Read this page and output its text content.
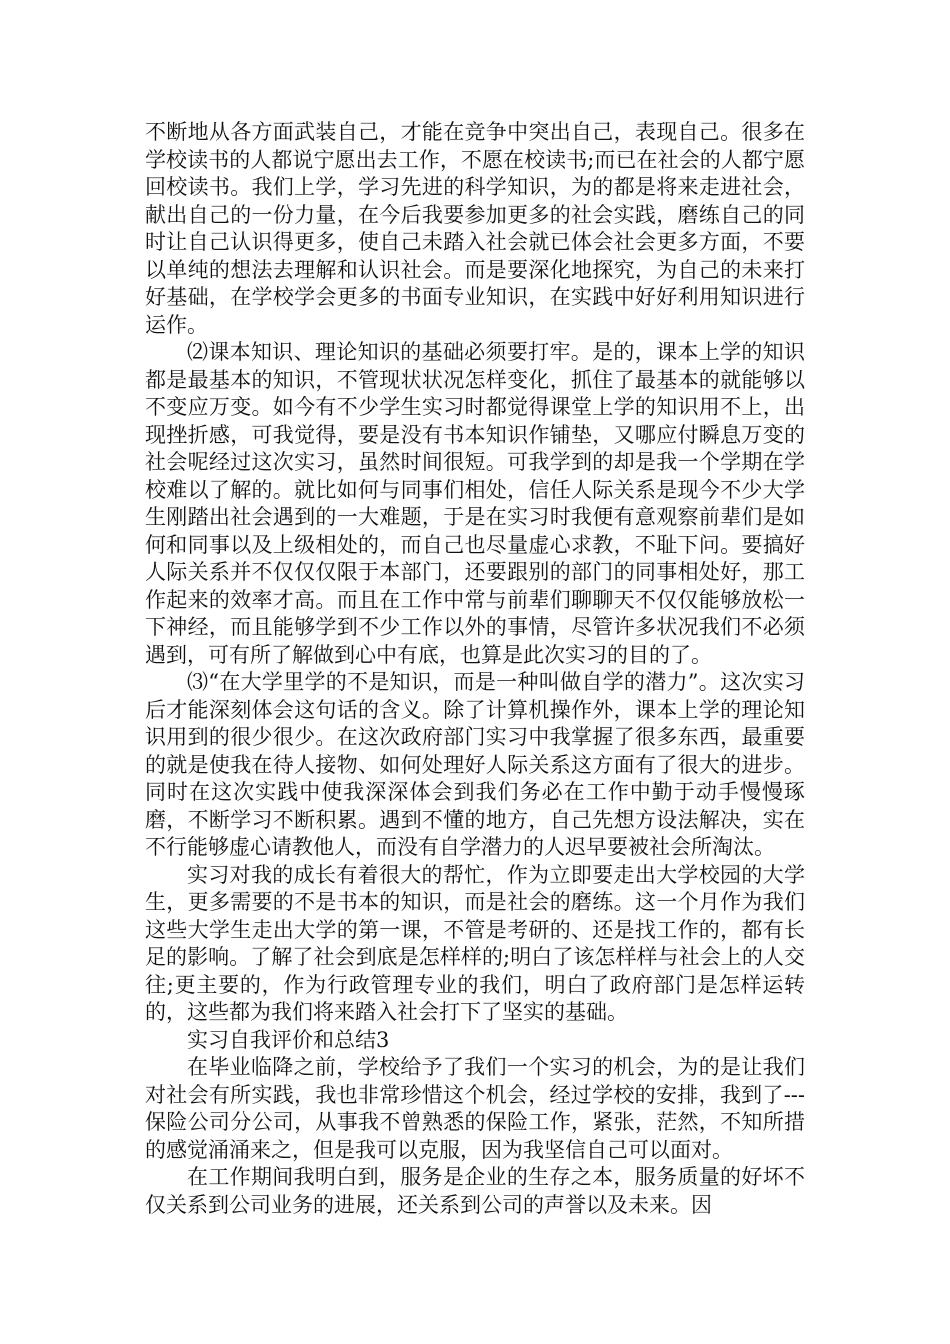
不断地从各方面武装自己，才能在竞争中突出自己，表现自己。很多在学校读书的人都说宁愿出去工作，不愿在校读书;而已在社会的人都宁愿回校读书。我们上学，学习先进的科学知识，为的都是将来走进社会，献出自己的一份力量，在今后我要参加更多的社会实践，磨练自己的同时让自己认识得更多，使自己未踏入社会就已体会社会更多方面，不要以单纯的想法去理解和认识社会。而是要深化地探究，为自己的未来打好基础，在学校学会更多的书面专业知识，在实践中好好利用知识进行运作。

⑵课本知识、理论知识的基础必须要打牢。是的，课本上学的知识都是最基本的知识，不管现状状况怎样变化，抓住了最基本的就能够以不变应万变。如今有不少学生实习时都觉得课堂上学的知识用不上，出现挫折感，可我觉得，要是没有书本知识作铺垫，又哪应付瞬息万变的社会呢经过这次实习，虽然时间很短。可我学到的却是我一个学期在学校难以了解的。就比如何与同事们相处，信任人际关系是现今不少大学生刚踏出社会遇到的一大难题，于是在实习时我便有意观察前辈们是如何和同事以及上级相处的，而自己也尽量虚心求教，不耻下问。要搞好人际关系并不仅仅仅限于本部门，还要跟别的部门的同事相处好，那工作起来的效率才高。而且在工作中常与前辈们聊聊天不仅仅能够放松一下神经，而且能够学到不少工作以外的事情，尽管许多状况我们不必须遇到，可有所了解做到心中有底，也算是此次实习的目的了。

⑶“在大学里学的不是知识，而是一种叫做自学的潜力”。这次实习后才能深刻体会这句话的含义。除了计算机操作外，课本上学的理论知识用到的很少很少。在这次政府部门实习中我掌握了很多东西，最重要的就是使我在待人接物、如何处理好人际关系这方面有了很大的进步。同时在这次实践中使我深深体会到我们务必在工作中勤于动手慢慢琢磨，不断学习不断积累。遇到不懂的地方，自己先想方设法解决，实在不行能够虚心请教他人，而没有自学潜力的人迟早要被社会所淘汰。

实习对我的成长有着很大的帮忙，作为立即要走出大学校园的大学生，更多需要的不是书本的知识，而是社会的磨练。这一个月作为我们这些大学生走出大学的第一课，不管是考研的、还是找工作的，都有长足的影响。了解了社会到底是怎样样的;明白了该怎样样与社会上的人交往;更主要的，作为行政管理专业的我们，明白了政府部门是怎样运转的，这些都为我们将来踏入社会打下了坚实的基础。

实习自我评价和总结3

在毕业临降之前，学校给予了我们一个实习的机会，为的是让我们对社会有所实践，我也非常珍惜这个机会，经过学校的安排，我到了---保险公司分公司，从事我不曾熟悉的保险工作，紧张，茫然，不知所措的感觉涌涌来之，但是我可以克服，因为我坚信自己可以面对。

在工作期间我明白到，服务是企业的生存之本，服务质量的好坏不仅关系到公司业务的进展，还关系到公司的声誉以及未来。因
